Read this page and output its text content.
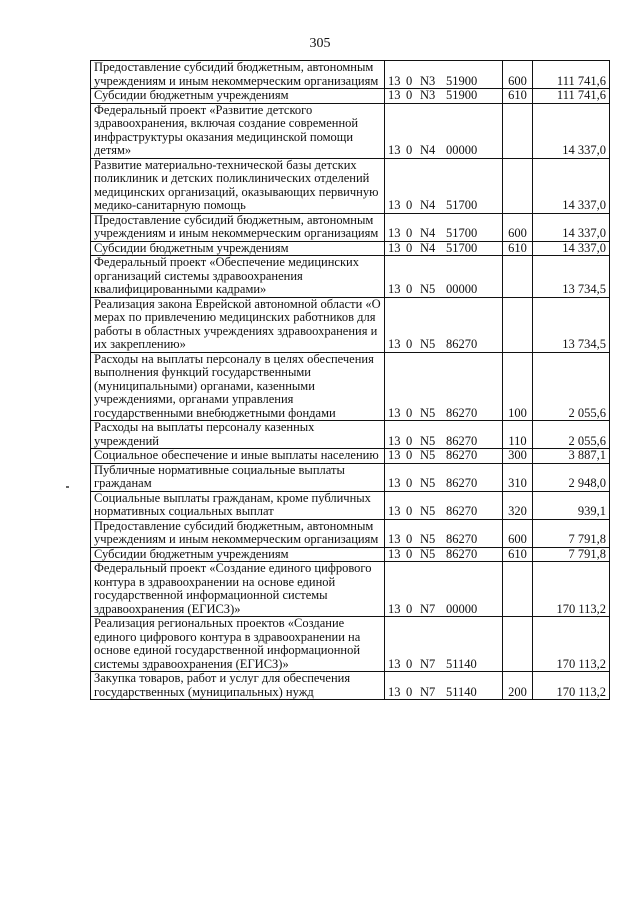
305
Предоставление субсидий бюджетным, автономным учреждениям и иным некоммерческим организациям	13 0 N3 51900	600	111 741,6
Субсидии бюджетным учреждениям	13 0 N3 51900	610	111 741,6
Федеральный проект «Развитие детского здравоохранения, включая создание современной инфраструктуры оказания медицинской помощи детям»	13 0 N4 00000		14 337,0
Развитие материально-технической базы детских поликлиник и детских поликлинических отделений медицинских организаций, оказывающих первичную медико-санитарную помощь	13 0 N4 51700		14 337,0
Предоставление субсидий бюджетным, автономным учреждениям и иным некоммерческим организациям	13 0 N4 51700	600	14 337,0
Субсидии бюджетным учреждениям	13 0 N4 51700	610	14 337,0
Федеральный проект «Обеспечение медицинских организаций системы здравоохранения квалифицированными кадрами»	13 0 N5 00000		13 734,5
Реализация закона Еврейской автономной области «О мерах по привлечению медицинских работников для работы в областных учреждениях здравоохранения и их закреплению»	13 0 N5 86270		13 734,5
Расходы на выплаты персоналу в целях обеспечения выполнения функций государственными (муниципальными) органами, казенными учреждениями, органами управления государственными внебюджетными фондами	13 0 N5 86270	100	2 055,6
Расходы на выплаты персоналу казенных учреждений	13 0 N5 86270	110	2 055,6
Социальное обеспечение и иные выплаты населению	13 0 N5 86270	300	3 887,1
Публичные нормативные социальные выплаты гражданам	13 0 N5 86270	310	2 948,0
Социальные выплаты гражданам, кроме публичных нормативных социальных выплат	13 0 N5 86270	320	939,1
Предоставление субсидий бюджетным, автономным учреждениям и иным некоммерческим организациям	13 0 N5 86270	600	7 791,8
Субсидии бюджетным учреждениям	13 0 N5 86270	610	7 791,8
Федеральный проект «Создание единого цифрового контура в здравоохранении на основе единой государственной информационной системы здравоохранения (ЕГИСЗ)»	13 0 N7 00000		170 113,2
Реализация региональных проектов «Создание единого цифрового контура в здравоохранении на основе единой государственной информационной системы здравоохранения (ЕГИСЗ)»	13 0 N7 51140		170 113,2
Закупка товаров, работ и услуг для обеспечения государственных (муниципальных) нужд	13 0 N7 51140	200	170 113,2
